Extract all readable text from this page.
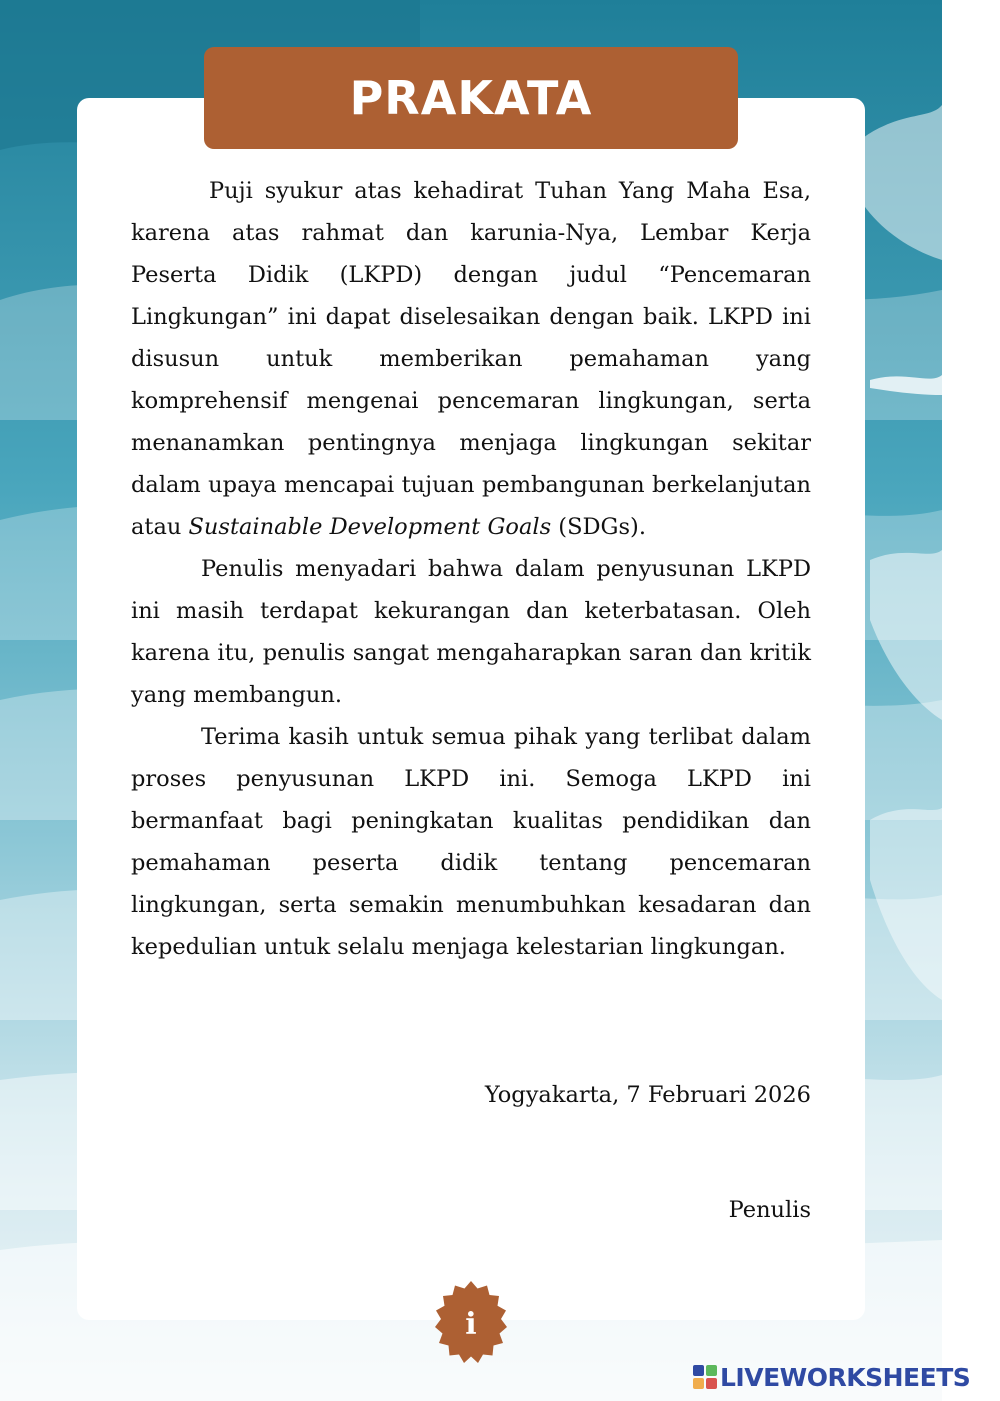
PRAKATA

Puji syukur atas kehadirat Tuhan Yang Maha Esa, karena atas rahmat dan karunia-Nya, Lembar Kerja Peserta Didik (LKPD) dengan judul “Pencemaran Lingkungan” ini dapat diselesaikan dengan baik. LKPD ini disusun untuk memberikan pemahaman yang komprehensif mengenai pencemaran lingkungan, serta menanamkan pentingnya menjaga lingkungan sekitar dalam upaya mencapai tujuan pembangunan berkelanjutan atau Sustainable Development Goals (SDGs).

Penulis menyadari bahwa dalam penyusunan LKPD ini masih terdapat kekurangan dan keterbatasan. Oleh karena itu, penulis sangat mengaharapkan saran dan kritik yang membangun.

Terima kasih untuk semua pihak yang terlibat dalam proses penyusunan LKPD ini. Semoga LKPD ini bermanfaat bagi peningkatan kualitas pendidikan dan pemahaman peserta didik tentang pencemaran lingkungan, serta semakin menumbuhkan kesadaran dan kepedulian untuk selalu menjaga kelestarian lingkungan.

Yogyakarta, 7 Februari 2026
Penulis
i
LIVEWORKSHEETS
